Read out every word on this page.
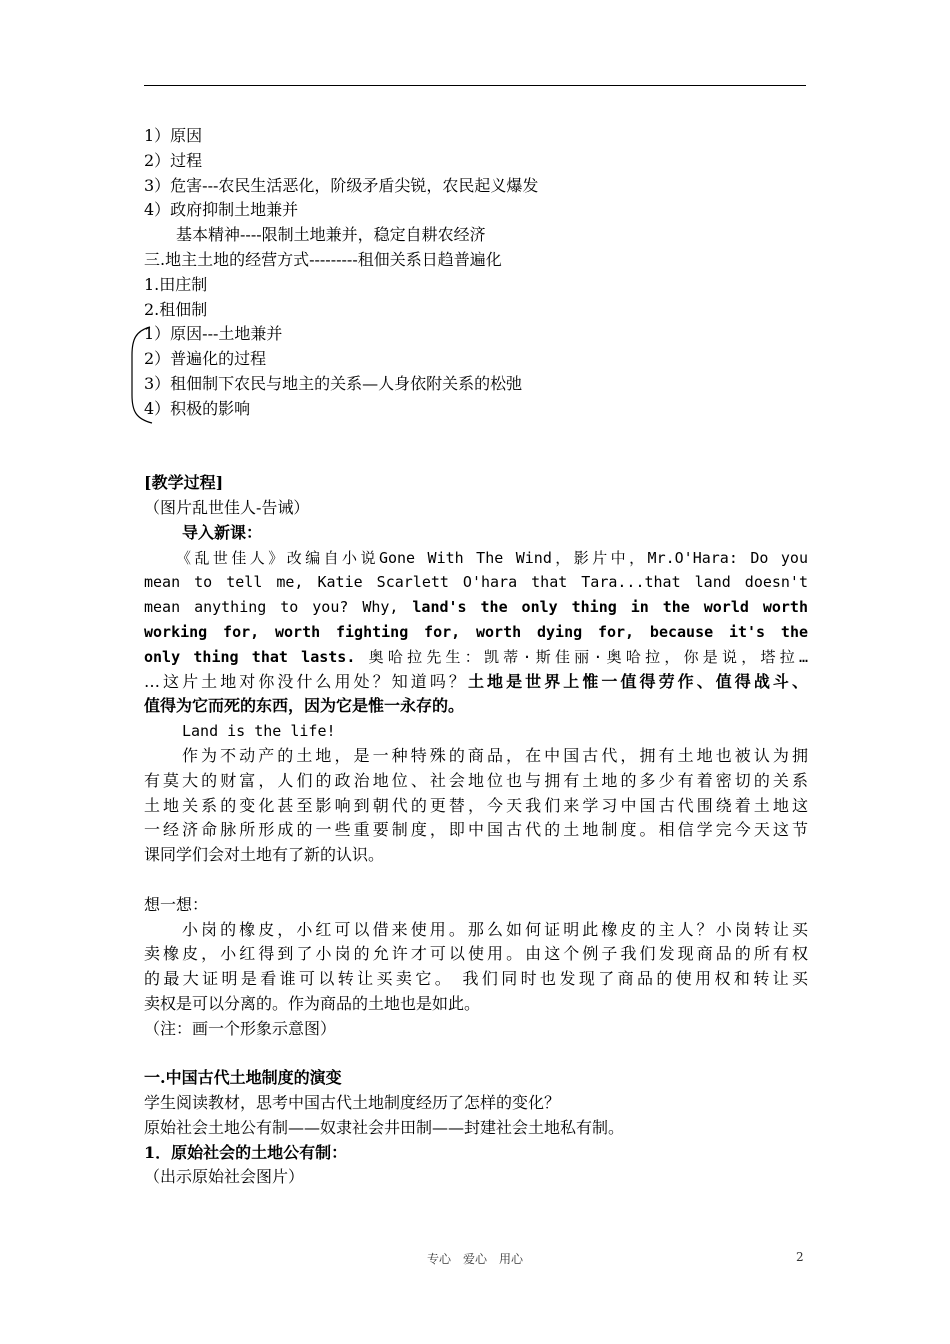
1）原因
2）过程
3）危害---农民生活恶化，阶级矛盾尖锐，农民起义爆发
4）政府抑制土地兼并
基本精神----限制土地兼并，稳定自耕农经济
三.地主土地的经营方式---------租佃关系日趋普遍化
1.田庄制
2.租佃制
1）原因---土地兼并
2）普遍化的过程
3）租佃制下农民与地主的关系—人身依附关系的松弛
4）积极的影响
[教学过程]
（图片乱世佳人-告诫）
导入新课：
《乱世佳人》改编自小说Gone With The Wind，影片中，Mr.O'Hara: Do you
mean to tell me, Katie Scarlett O'hara that Tara...that land doesn't
mean anything to you? Why, land's the only thing in the world worth
working for, worth fighting for, worth dying for, because it's the
only thing that lasts. 奥哈拉先生：凯蒂·斯佳丽·奥哈拉，你是说，塔拉…
…这片土地对你没什么用处？知道吗？土地是世界上惟一值得劳作、值得战斗、
值得为它而死的东西，因为它是惟一永存的。
Land is the life!
作为不动产的土地，是一种特殊的商品，在中国古代，拥有土地也被认为拥
有莫大的财富，人们的政治地位、社会地位也与拥有土地的多少有着密切的关系
土地关系的变化甚至影响到朝代的更替，今天我们来学习中国古代围绕着土地这
一经济命脉所形成的一些重要制度，即中国古代的土地制度。相信学完今天这节
课同学们会对土地有了新的认识。
想一想：
小岗的橡皮，小红可以借来使用。那么如何证明此橡皮的主人？小岗转让买
卖橡皮，小红得到了小岗的允许才可以使用。由这个例子我们发现商品的所有权
的最大证明是看谁可以转让买卖它。 我们同时也发现了商品的使用权和转让买
卖权是可以分离的。作为商品的土地也是如此。
（注：画一个形象示意图）
一.中国古代土地制度的演变
学生阅读教材，思考中国古代土地制度经历了怎样的变化？
原始社会土地公有制——奴隶社会井田制——封建社会土地私有制。
1．原始社会的土地公有制：
（出示原始社会图片）
专心　爱心　用心	2
